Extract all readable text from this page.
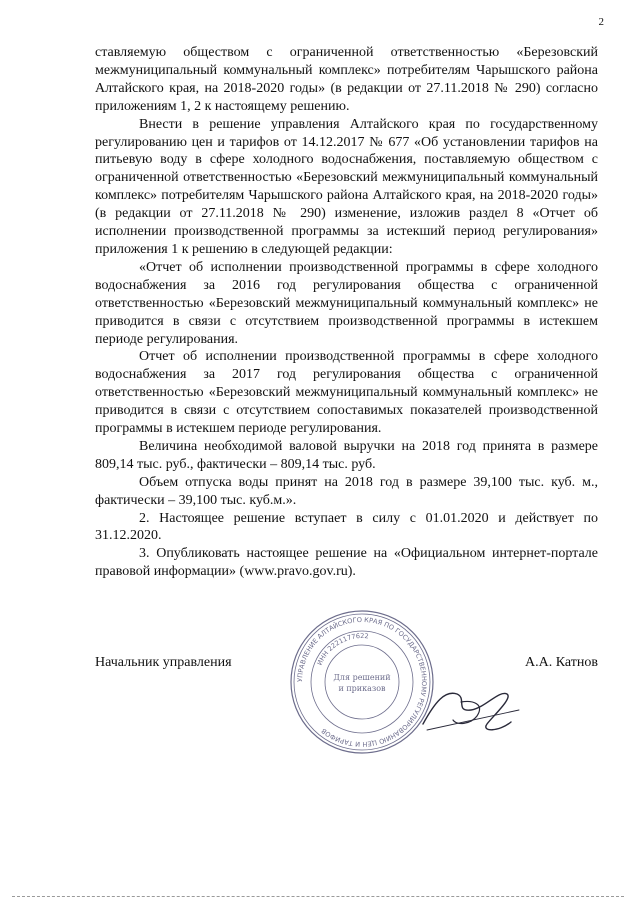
2

ставляемую обществом с ограниченной ответственностью «Березовский межмуниципальный коммунальный комплекс» потребителям Чарышского района Алтайского края, на 2018-2020 годы» (в редакции от 27.11.2018 № 290) согласно приложениям 1, 2 к настоящему решению.

Внести в решение управления Алтайского края по государственному регулированию цен и тарифов от 14.12.2017 № 677 «Об установлении тарифов на питьевую воду в сфере холодного водоснабжения, поставляемую обществом с ограниченной ответственностью «Березовский межмуниципальный коммунальный комплекс» потребителям Чарышского района Алтайского края, на 2018-2020 годы» (в редакции от 27.11.2018 № 290) изменение, изложив раздел 8 «Отчет об исполнении производственной программы за истекший период регулирования» приложения 1 к решению в следующей редакции:

«Отчет об исполнении производственной программы в сфере холодного водоснабжения за 2016 год регулирования общества с ограниченной ответственностью «Березовский межмуниципальный коммунальный комплекс» не приводится в связи с отсутствием производственной программы в истекшем периоде регулирования.

Отчет об исполнении производственной программы в сфере холодного водоснабжения за 2017 год регулирования общества с ограниченной ответственностью «Березовский межмуниципальный коммунальный комплекс» не приводится в связи с отсутствием сопоставимых показателей производственной программы в истекшем периоде регулирования.

Величина необходимой валовой выручки на 2018 год принята в размере 809,14 тыс. руб., фактически – 809,14 тыс. руб.

Объем отпуска воды принят на 2018 год в размере 39,100 тыс. куб. м., фактически – 39,100 тыс. куб.м.».

2. Настоящее решение вступает в силу с 01.01.2020 и действует по 31.12.2020.

3. Опубликовать настоящее решение на «Официальном интернет-портале правовой информации» (www.pravo.gov.ru).

Начальник управления	А.А. Катнов
УПРАВЛЕНИЕ АЛТАЙСКОГО КРАЯ ПО ГОСУДАРСТВЕННОМУ РЕГУЛИРОВАНИЮ ЦЕН И ТАРИФОВ
ИНН 2221177622
Для решений
и приказов
